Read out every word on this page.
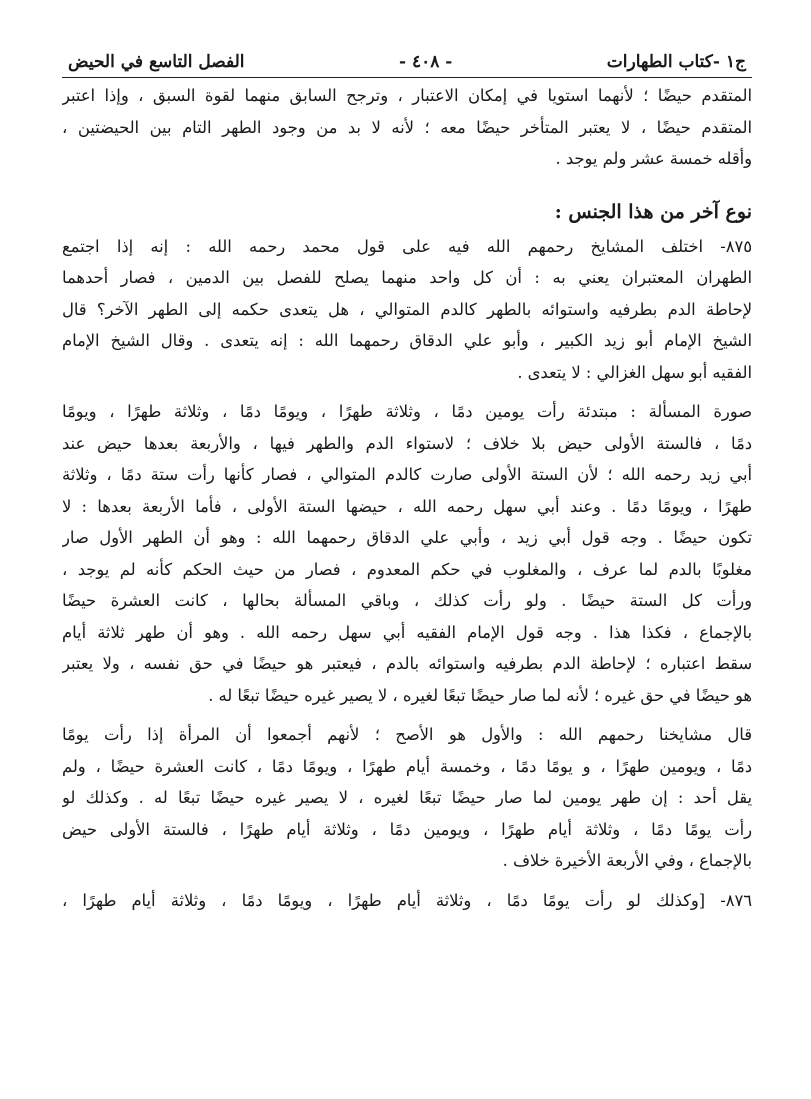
ج١ -كتاب الطهارات
- ٤٠٨ -
الفصل التاسع في الحيض
المتقدم حيضًا ؛ لأنهما استويا في إمكان الاعتبار ، وترجح السابق منهما لقوة السبق ، وإذا اعتبر
المتقدم حيضًا ، لا يعتبر المتأخر حيضًا معه ؛ لأنه لا بد من وجود الطهر التام بين الحيضتين ،
وأقله خمسة عشر ولم يوجد .
نوع آخر من هذا الجنس :
٨٧٥- اختلف المشايخ رحمهم الله فيه على قول محمد رحمه الله : إنه إذا اجتمع
الطهران المعتبران يعني به : أن كل واحد منهما يصلح للفصل بين الدمين ، فصار أحدهما
لإحاطة الدم بطرفيه واستوائه بالطهر كالدم المتوالي ، هل يتعدى حكمه إلى الطهر الآخر؟ قال
الشيخ الإمام أبو زيد الكبير ، وأبو علي الدقاق رحمهما الله : إنه يتعدى . وقال الشيخ الإمام
الفقيه أبو سهل الغزالي : لا يتعدى .
صورة المسألة : مبتدئة رأت يومين دمًا ، وثلاثة طهرًا ، ويومًا دمًا ، وثلاثة طهرًا ، ويومًا
دمًا ، فالستة الأولى حيض بلا خلاف ؛ لاستواء الدم والطهر فيها ، والأربعة بعدها حيض عند
أبي زيد رحمه الله ؛ لأن الستة الأولى صارت كالدم المتوالي ، فصار كأنها رأت ستة دمًا ، وثلاثة
طهرًا ، ويومًا دمًا . وعند أبي سهل رحمه الله ، حيضها الستة الأولى ، فأما الأربعة بعدها : لا
تكون حيضًا . وجه قول أبي زيد ، وأبي علي الدقاق رحمهما الله : وهو أن الطهر الأول صار
مغلوبًا بالدم لما عرف ، والمغلوب في حكم المعدوم ، فصار من حيث الحكم كأنه لم يوجد ،
ورأت كل الستة حيضًا . ولو رأت كذلك ، وباقي المسألة بحالها ، كانت العشرة حيضًا
بالإجماع ، فكذا هذا . وجه قول الإمام الفقيه أبي سهل رحمه الله . وهو أن طهر ثلاثة أيام
سقط اعتباره ؛ لإحاطة الدم بطرفيه واستوائه بالدم ، فيعتبر هو حيضًا في حق نفسه ، ولا يعتبر
هو حيضًا في حق غيره ؛ لأنه لما صار حيضًا تبعًا لغيره ، لا يصير غيره حيضًا تبعًا له .
قال مشايخنا رحمهم الله : والأول هو الأصح ؛ لأنهم أجمعوا أن المرأة إذا رأت يومًا
دمًا ، ويومين طهرًا ، و يومًا دمًا ، وخمسة أيام طهرًا ، ويومًا دمًا ، كانت العشرة حيضًا ، ولم
يقل أحد : إن طهر يومين لما صار حيضًا تبعًا لغيره ، لا يصير غيره حيضًا تبعًا له . وكذلك لو
رأت يومًا دمًا ، وثلاثة أيام طهرًا ، ويومين دمًا ، وثلاثة أيام طهرًا ، فالستة الأولى حيض
بالإجماع ، وفي الأربعة الأخيرة خلاف .
٨٧٦- [وكذلك لو رأت يومًا دمًا ، وثلاثة أيام طهرًا ، ويومًا دمًا ، وثلاثة أيام طهرًا ،
